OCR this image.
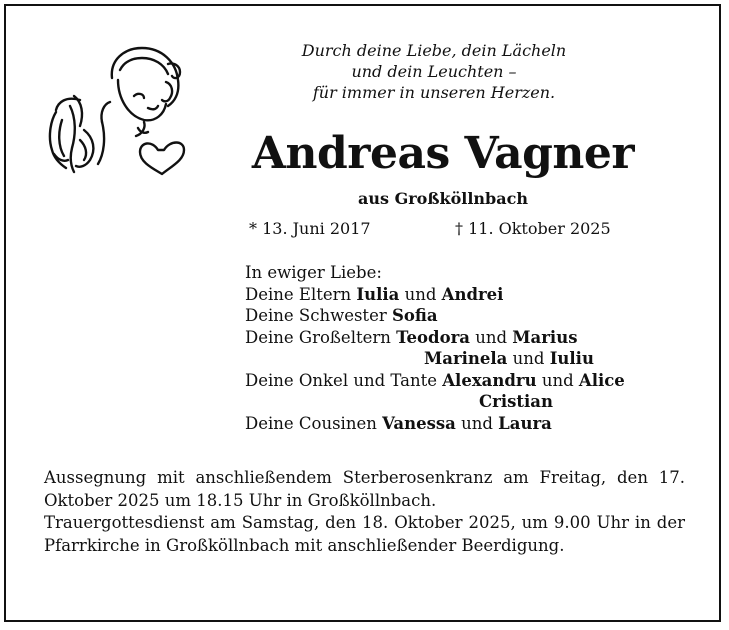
Durch deine Liebe, dein Lächeln
und dein Leuchten –
für immer in unseren Herzen.
Andreas Vagner
aus Großköllnbach
* 13. Juni 2017	† 11. Oktober 2025
In ewiger Liebe:
Deine Eltern Iulia und Andrei
Deine Schwester Sofia
Deine Großeltern Teodora und Marius
Marinela und Iuliu
Deine Onkel und Tante Alexandru und Alice
Cristian
Deine Cousinen Vanessa und Laura

Aussegnung mit anschließendem Sterberosenkranz am Freitag, den 17. Oktober 2025 um 18.15 Uhr in Großköllnbach.

Trauergottesdienst am Samstag, den 18. Oktober 2025, um 9.00 Uhr in der Pfarrkirche in Großköllnbach mit anschließender Beerdigung.
